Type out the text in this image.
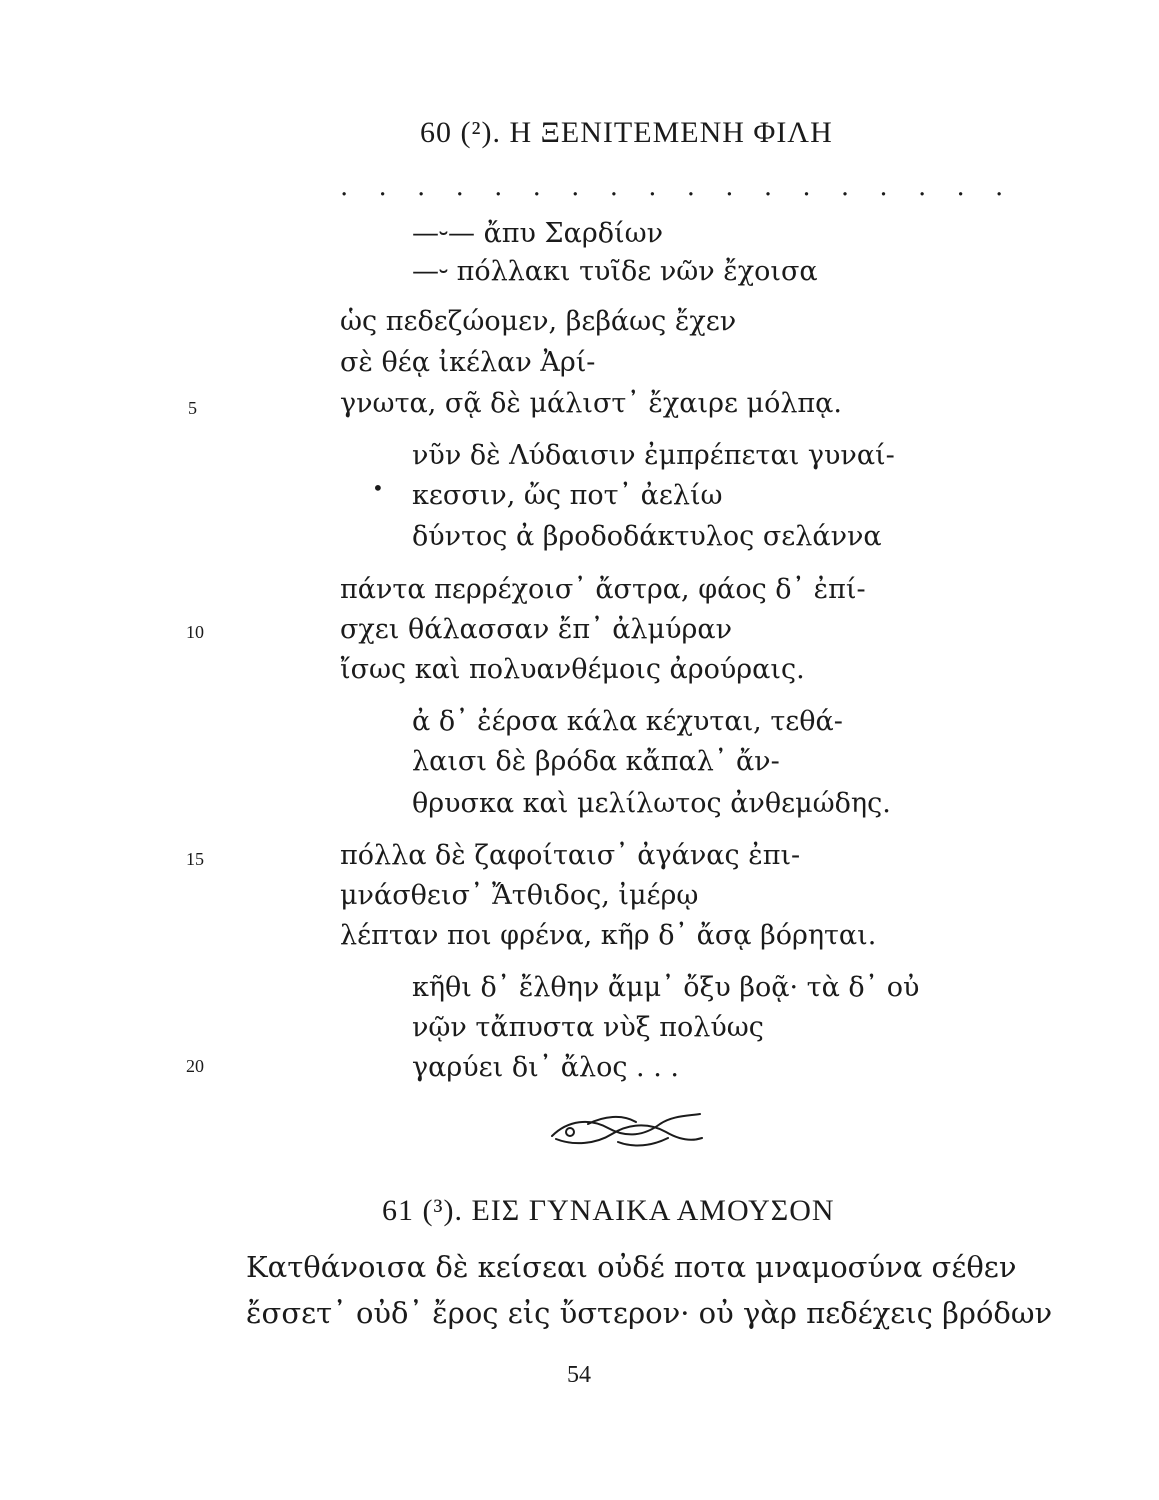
60 (²). Η ΞΕΝΙΤΕΜΕΝΗ ΦΙΛΗ
. . . . . . . . . . . . . . . . . .
—⏑— ἄπυ Σαρδίων
—⏑ πόλλακι τυῖδε νῶν ἔχοισα
ὡς πεδεζώομεν, βεβάως ἔχεν
σὲ θέᾳ ἰκέλαν Ἀρί-
γνωτα, σᾷ δὲ μάλιστ᾽ ἔχαιρε μόλπᾳ.
νῦν δὲ Λύδαισιν ἐμπρέπεται γυναί-
κεσσιν, ὤς ποτ᾽ ἀελίω
δύντος ἀ βροδοδάκτυλος σελάννα
πάντα περρέχοισ᾽ ἄστρα, φάος δ᾽ ἐπί-
σχει θάλασσαν ἔπ᾽ ἀλμύραν
ἴσως καὶ πολυανθέμοις ἀρούραις.
ἀ δ᾽ ἐέρσα κάλα κέχυται, τεθά-
λαισι δὲ βρόδα κἄπαλ᾽ ἄν-
θρυσκα καὶ μελίλωτος ἀνθεμώδης.
πόλλα δὲ ζαφοίταισ᾽ ἀγάνας ἐπι-
μνάσθεισ᾽ Ἄτθιδος, ἰμέρῳ
λέπταν ποι φρένα, κῆρ δ᾽ ἄσᾳ βόρηται.
κῆθι δ᾽ ἔλθην ἄμμ᾽ ὄξυ βοᾷ· τὰ δ᾽ οὐ
νῷν τἄπυστα νὺξ πολύως
γαρύει δι᾽ ἄλος . . .
•
5
10
15
20
61 (³). ΕΙΣ ΓΥΝΑΙΚΑ ΑΜΟΥΣΟΝ
Κατθάνοισα δὲ κείσεαι οὐδέ ποτα μναμοσύνα σέθεν
ἔσσετ᾽ οὐδ᾽ ἔρος εἰς ὔστερον· οὐ γὰρ πεδέχεις βρόδων
54
